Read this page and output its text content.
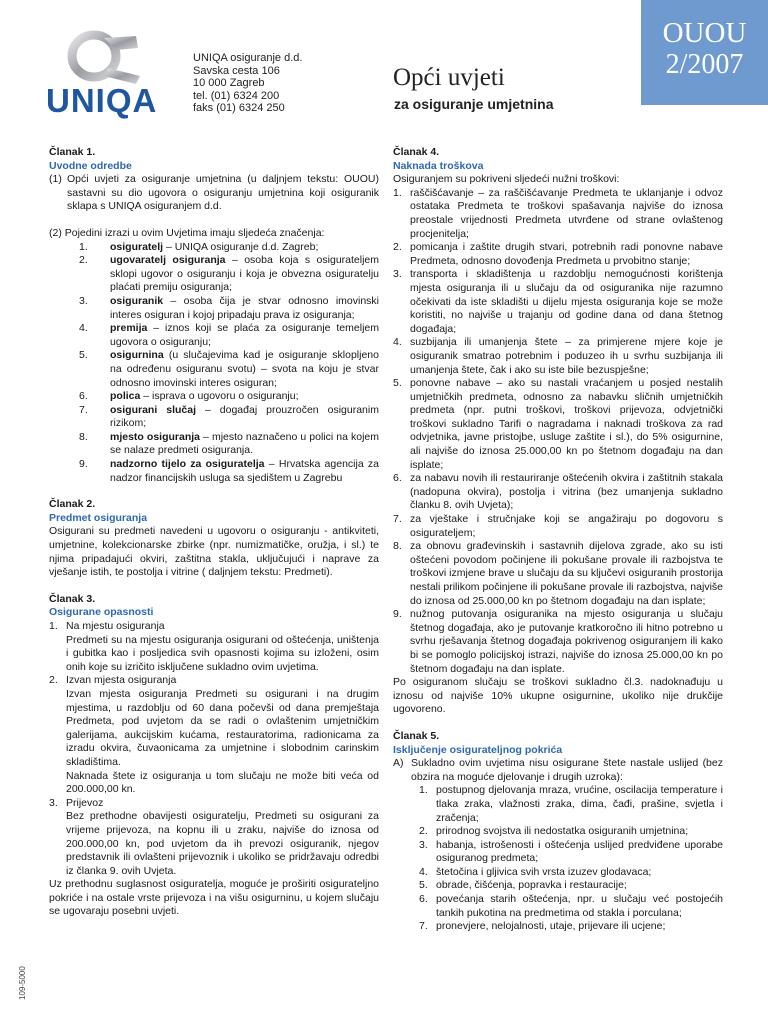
OUOU
2/2007
UNIQA
UNIQA osiguranje d.d.
Savska cesta 106
10 000 Zagreb
tel. (01) 6324 200
faks (01) 6324 250
Opći uvjeti
za osiguranje umjetnina
109-5000

Članak 1.

Uvodne odredbe

(1) Opći uvjeti za osiguranje umjetnina (u daljnjem tekstu: OUOU) sastavni su dio ugovora o osiguranju umjetnina koji osiguranik sklapa s UNIQA osiguranjem d.d.

(2) Pojedini izrazi u ovim Uvjetima imaju sljedeća značenja:

1.	osiguratelj – UNIQA osiguranje d.d. Zagreb;
2.	ugovaratelj osiguranja – osoba koja s osigurateljem sklopi ugovor o osiguranju i koja je obvezna osiguratelju plaćati premiju osiguranja;
3.	osiguranik – osoba čija je stvar odnosno imovinski interes osiguran i kojoj pripadaju prava iz osiguranja;
4.	premija – iznos koji se plaća za osiguranje temeljem ugovora o osiguranju;
5.	osigurnina (u slučajevima kad je osiguranje sklopljeno na određenu osiguranu svotu) – svota na koju je stvar odnosno imovinski interes osiguran;
6.	polica – isprava o ugovoru o osiguranju;
7.	osigurani slučaj – događaj prouzročen osiguranim rizikom;
8.	mjesto osiguranja – mjesto naznačeno u polici na kojem se nalaze predmeti osiguranja.
9.	nadzorno tijelo za osiguratelja – Hrvatska agencija za nadzor financijskih usluga sa sjedištem u Zagrebu

Članak 2.

Predmet osiguranja

Osigurani su predmeti navedeni u ugovoru o osiguranju - antikviteti, umjetnine, kolekcionarske zbirke (npr. numizmatičke, oružja, i sl.) te njima pripadajući okviri, zaštitna stakla, uključujući i naprave za vješanje istih, te postolja i vitrine ( daljnjem tekstu: Predmeti).

Članak 3.

Osigurane opasnosti

1. Na mjestu osiguranja

Predmeti su na mjestu osiguranja osigurani od oštećenja, uništenja i gubitka kao i posljedica svih opasnosti kojima su izloženi, osim onih koje su izričito isključene sukladno ovim uvjetima.

2. Izvan mjesta osiguranja

Izvan mjesta osiguranja Predmeti su osigurani i na drugim mjestima, u razdoblju od 60 dana počevši od dana premještaja Predmeta, pod uvjetom da se radi o ovlaštenim umjetničkim galerijama, aukcijskim kućama, restauratorima, radionicama za izradu okvira, čuvaonicama za umjetnine i slobodnim carinskim skladištima.

Naknada štete iz osiguranja u tom slučaju ne može biti veća od 200.000,00 kn.

3. Prijevoz

Bez prethodne obavijesti osiguratelju, Predmeti su osigurani za vrijeme prijevoza, na kopnu ili u zraku, najviše do iznosa od 200.000,00 kn, pod uvjetom da ih prevozi osiguranik, njegov predstavnik ili ovlašteni prijevoznik i ukoliko se pridržavaju odredbi iz članka 9. ovih Uvjeta.

Uz prethodnu suglasnost osiguratelja, moguće je proširiti osigurateljno pokriće i na ostale vrste prijevoza i na višu osigurninu, u kojem slučaju se ugovaraju posebni uvjeti.

Članak 4.

Naknada troškova

Osiguranjem su pokriveni sljedeći nužni troškovi:

1. raščišćavanje – za raščišćavanje Predmeta te uklanjanje i odvoz ostataka Predmeta te troškovi spašavanja najviše do iznosa preostale vrijednosti Predmeta utvrđene od strane ovlaštenog procjenitelja;
2. pomicanja i zaštite drugih stvari, potrebnih radi ponovne nabave Predmeta, odnosno dovođenja Predmeta u prvobitno stanje;
3. transporta i skladištenja u razdoblju nemogućnosti korištenja mjesta osiguranja ili u slučaju da od osiguranika nije razumno očekivati da iste skladišti u dijelu mjesta osiguranja koje se može koristiti, no najviše u trajanju od godine dana od dana štetnog događaja;
4. suzbijanja ili umanjenja štete – za primjerene mjere koje je osiguranik smatrao potrebnim i poduzeo ih u svrhu suzbijanja ili umanjenja štete, čak i ako su iste bile bezuspješne;
5. ponovne nabave – ako su nastali vraćanjem u posjed nestalih umjetničkih predmeta, odnosno za nabavku sličnih umjetničkih predmeta (npr. putni troškovi, troškovi prijevoza, odvjetnički troškovi sukladno Tarifi o nagradama i naknadi troškova za rad odvjetnika, javne pristojbe, usluge zaštite i sl.), do 5% osigurnine, ali najviše do iznosa 25.000,00 kn po štetnom događaju na dan isplate;
6. za nabavu novih ili restauriranje oštećenih okvira i zaštitnih stakala (nadopuna okvira), postolja i vitrina (bez umanjenja sukladno članku 8. ovih Uvjeta);
7. za vještake i stručnjake koji se angažiraju po dogovoru s osigurateljem;
8. za obnovu građevinskih i sastavnih dijelova zgrade, ako su isti oštećeni povodom počinjene ili pokušane provale ili razbojstva te troškovi izmjene brave u slučaju da su ključevi osiguranih prostorija nestali prilikom počinjene ili pokušane provale ili razbojstva, najviše do iznosa od 25.000,00 kn po štetnom događaju na dan isplate;
9. nužnog putovanja osiguranika na mjesto osiguranja u slučaju štetnog događaja, ako je putovanje kratkoročno ili hitno potrebno u svrhu rješavanja štetnog događaja pokrivenog osiguranjem ili kako bi se pomoglo policijskoj istrazi, najviše do iznosa 25.000,00 kn po štetnom događaju na dan isplate.

Po osiguranom slučaju se troškovi sukladno čl.3. nadoknađuju u iznosu od najviše 10% ukupne osigurnine, ukoliko nije drukčije ugovoreno.

Članak 5.

Isključenje osigurateljnog pokrića

A) Sukladno ovim uvjetima nisu osigurane štete nastale uslijed (bez obzira na moguće djelovanje i drugih uzroka):
1. postupnog djelovanja mraza, vrućine, oscilacija temperature i tlaka zraka, vlažnosti zraka, dima, čađi, prašine, svjetla i zračenja;
2. prirodnog svojstva ili nedostatka osiguranih umjetnina;
3. habanja, istrošenosti i oštećenja uslijed predviđene uporabe osiguranog predmeta;
4. štetočina i gljivica svih vrsta izuzev glodavaca;
5. obrade, čišćenja, popravka i restauracije;
6. povećanja starih oštećenja, npr. u slučaju već postojećih tankih pukotina na predmetima od stakla i porculana;
7. pronevjere, nelojalnosti, utaje, prijevare ili ucjene;
